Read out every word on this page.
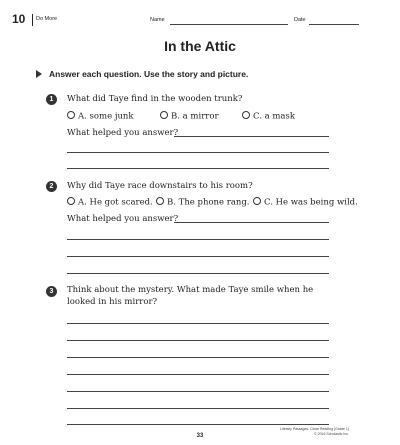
10 Do More	Name	Date
In the Attic
Answer each question. Use the story and picture.
1	What did Taye find in the wooden trunk?
A. some junk	B. a mirror	C. a mask
What helped you answer?
2	Why did Taye race downstairs to his room?
A. He got scared.	B. The phone rang.	C. He was being wild.
What helped you answer?
3	Think about the mystery. What made Taye smile when he looked in his mirror?
33
Literary Passages: Close Reading (Grade 1)
© 2016 Scholastic Inc.
